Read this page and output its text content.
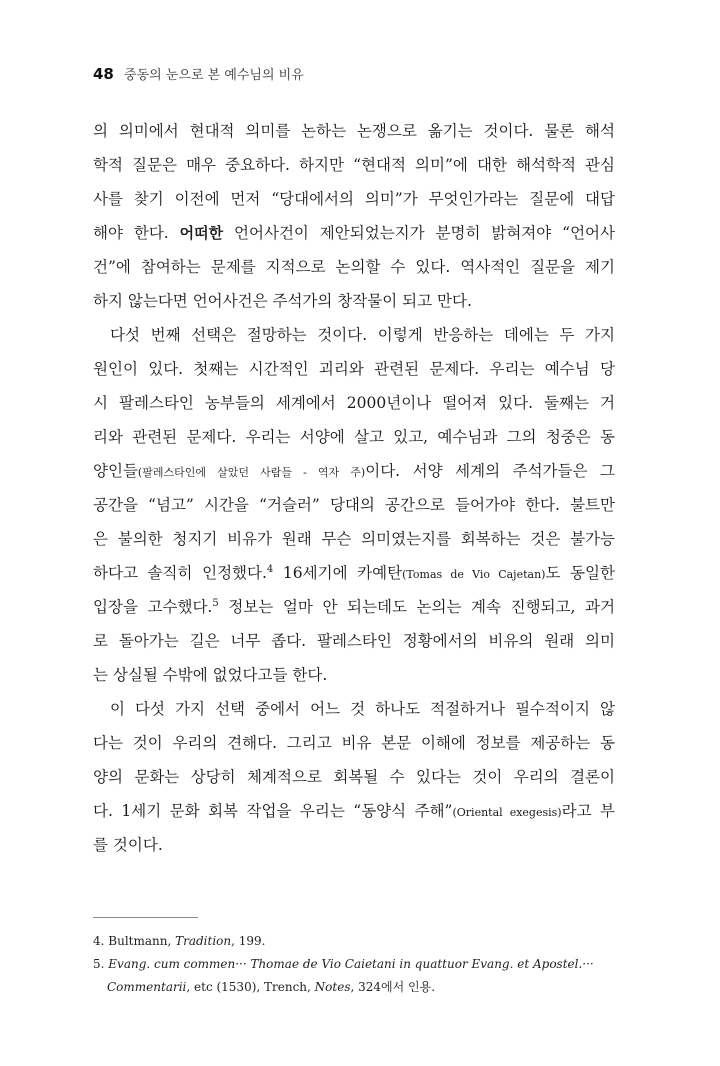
48 중동의 눈으로 본 예수님의 비유
의 의미에서 현대적 의미를 논하는 논쟁으로 옮기는 것이다. 물론 해석
학적 질문은 매우 중요하다. 하지만 “현대적 의미”에 대한 해석학적 관심
사를 찾기 이전에 먼저 “당대에서의 의미”가 무엇인가라는 질문에 대답
해야 한다. 어떠한 언어사건이 제안되었는지가 분명히 밝혀져야 “언어사
건”에 참여하는 문제를 지적으로 논의할 수 있다. 역사적인 질문을 제기
하지 않는다면 언어사건은 주석가의 창작물이 되고 만다.
다섯 번째 선택은 절망하는 것이다. 이렇게 반응하는 데에는 두 가지
원인이 있다. 첫째는 시간적인 괴리와 관련된 문제다. 우리는 예수님 당
시 팔레스타인 농부들의 세계에서 2000년이나 떨어져 있다. 둘째는 거
리와 관련된 문제다. 우리는 서양에 살고 있고, 예수님과 그의 청중은 동
양인들(팔레스타인에 살았던 사람들 - 역자 주)이다. 서양 세계의 주석가들은 그
공간을 “넘고” 시간을 “거슬러” 당대의 공간으로 들어가야 한다. 불트만
은 불의한 청지기 비유가 원래 무슨 의미였는지를 회복하는 것은 불가능
하다고 솔직히 인정했다.$^4$ 16세기에 카예탄(Tomas de Vio Cajetan)도 동일한
입장을 고수했다.$^5$ 정보는 얼마 안 되는데도 논의는 계속 진행되고, 과거
로 돌아가는 길은 너무 좁다. 팔레스타인 정황에서의 비유의 원래 의미
는 상실될 수밖에 없었다고들 한다.
이 다섯 가지 선택 중에서 어느 것 하나도 적절하거나 필수적이지 않
다는 것이 우리의 견해다. 그리고 비유 본문 이해에 정보를 제공하는 동
양의 문화는 상당히 체계적으로 회복될 수 있다는 것이 우리의 결론이
다. 1세기 문화 회복 작업을 우리는 “동양식 주해”(Oriental exegesis)라고 부
를 것이다.
4. Bultmann, Tradition, 199.
5. Evang. cum commen··· Thomae de Vio Caietani in quattuor Evang. et Apostel.···
Commentarii, etc (1530), Trench, Notes, 324에서 인용.
